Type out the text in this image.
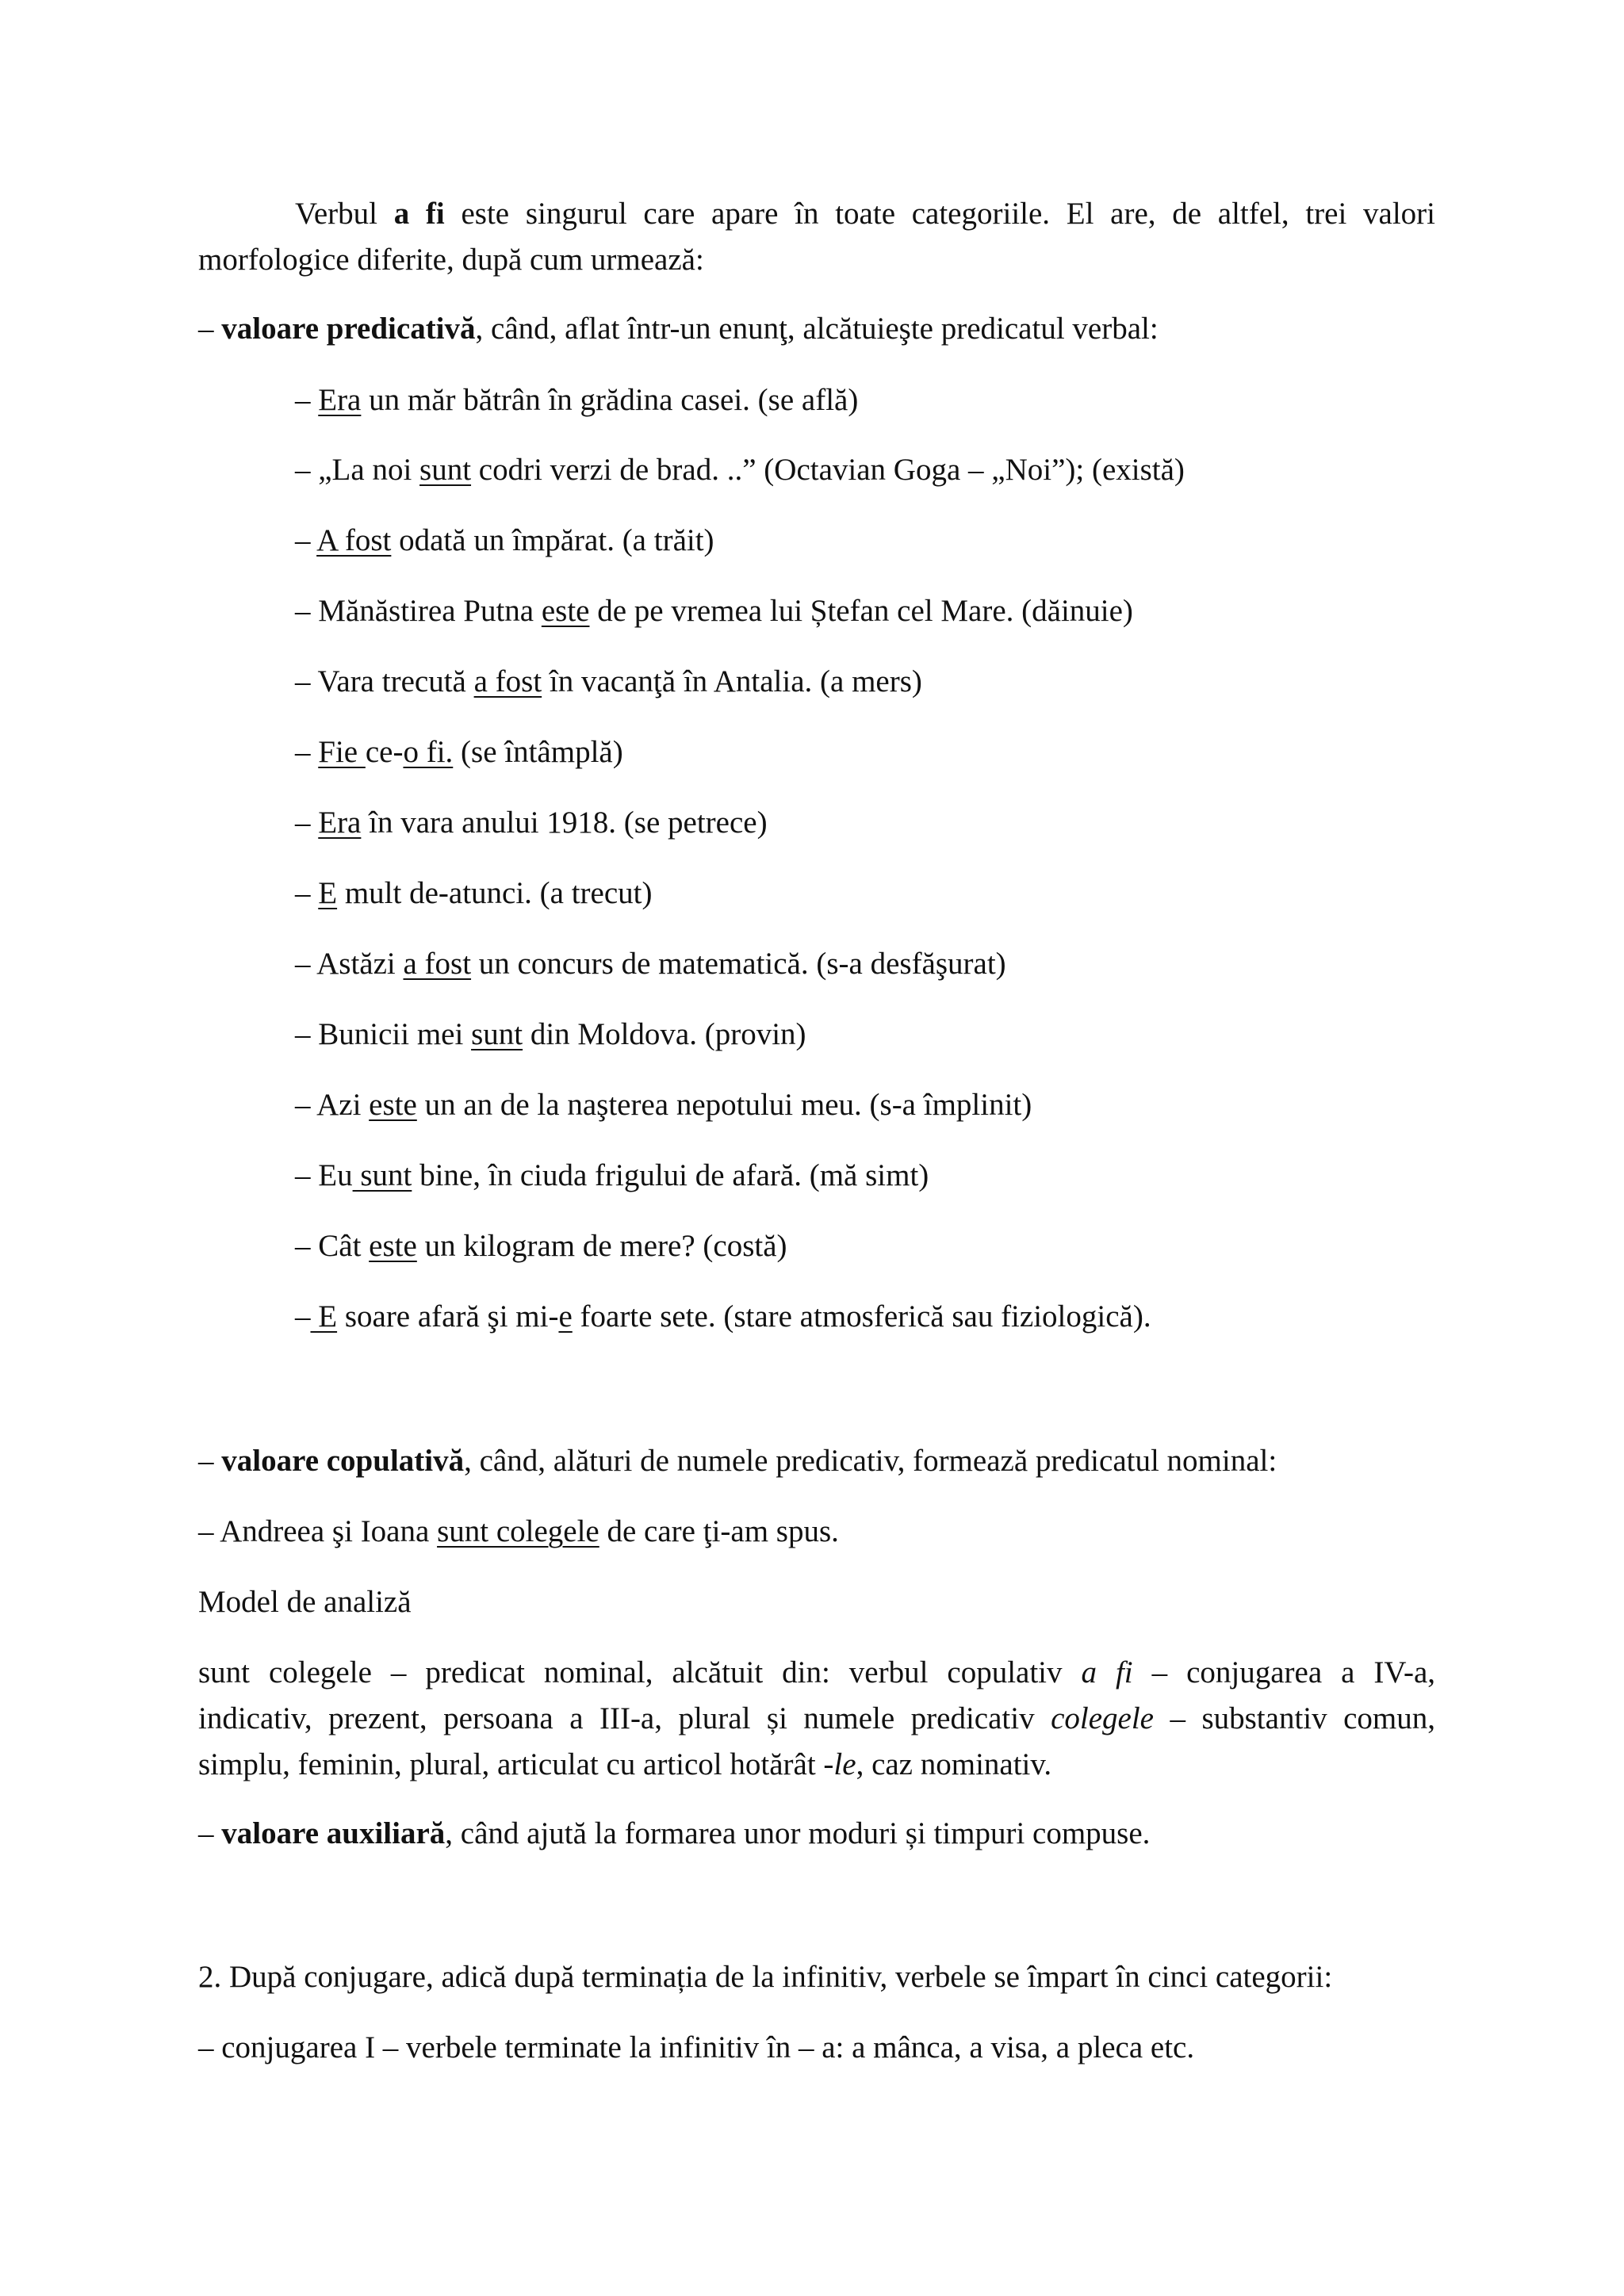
Verbul a fi este singurul care apare în toate categoriile. El are, de altfel, trei valori
morfologice diferite, după cum urmează:
– valoare predicativă, când, aflat într-un enunţ, alcătuieşte predicatul verbal:
– Era un măr bătrân în grădina casei. (se află)
– „La noi sunt codri verzi de brad. ..” (Octavian Goga – „Noi”); (există)
– A fost odată un împărat. (a trăit)
– Mănăstirea Putna este de pe vremea lui Ștefan cel Mare. (dăinuie)
– Vara trecută a fost în vacanţă în Antalia. (a mers)
– Fie ce-o fi. (se întâmplă)
– Era în vara anului 1918. (se petrece)
– E mult de-atunci. (a trecut)
– Astăzi a fost un concurs de matematică. (s-a desfăşurat)
– Bunicii mei sunt din Moldova. (provin)
– Azi este un an de la naşterea nepotului meu. (s-a împlinit)
– Eu sunt bine, în ciuda frigului de afară. (mă simt)
– Cât este un kilogram de mere? (costă)
– E soare afară şi mi-e foarte sete. (stare atmosferică sau fiziologică).
– valoare copulativă, când, alături de numele predicativ, formează predicatul nominal:
– Andreea şi Ioana sunt colegele de care ţi-am spus.
Model de analiză
sunt colegele – predicat nominal, alcătuit din: verbul copulativ a fi – conjugarea a IV-a,
indicativ, prezent, persoana a III-a, plural și numele predicativ colegele – substantiv comun,
simplu, feminin, plural, articulat cu articol hotărât -le, caz nominativ.
– valoare auxiliară, când ajută la formarea unor moduri și timpuri compuse.
2. După conjugare, adică după terminația de la infinitiv, verbele se împart în cinci categorii:
– conjugarea I – verbele terminate la infinitiv în – a: a mânca, a visa, a pleca etc.
